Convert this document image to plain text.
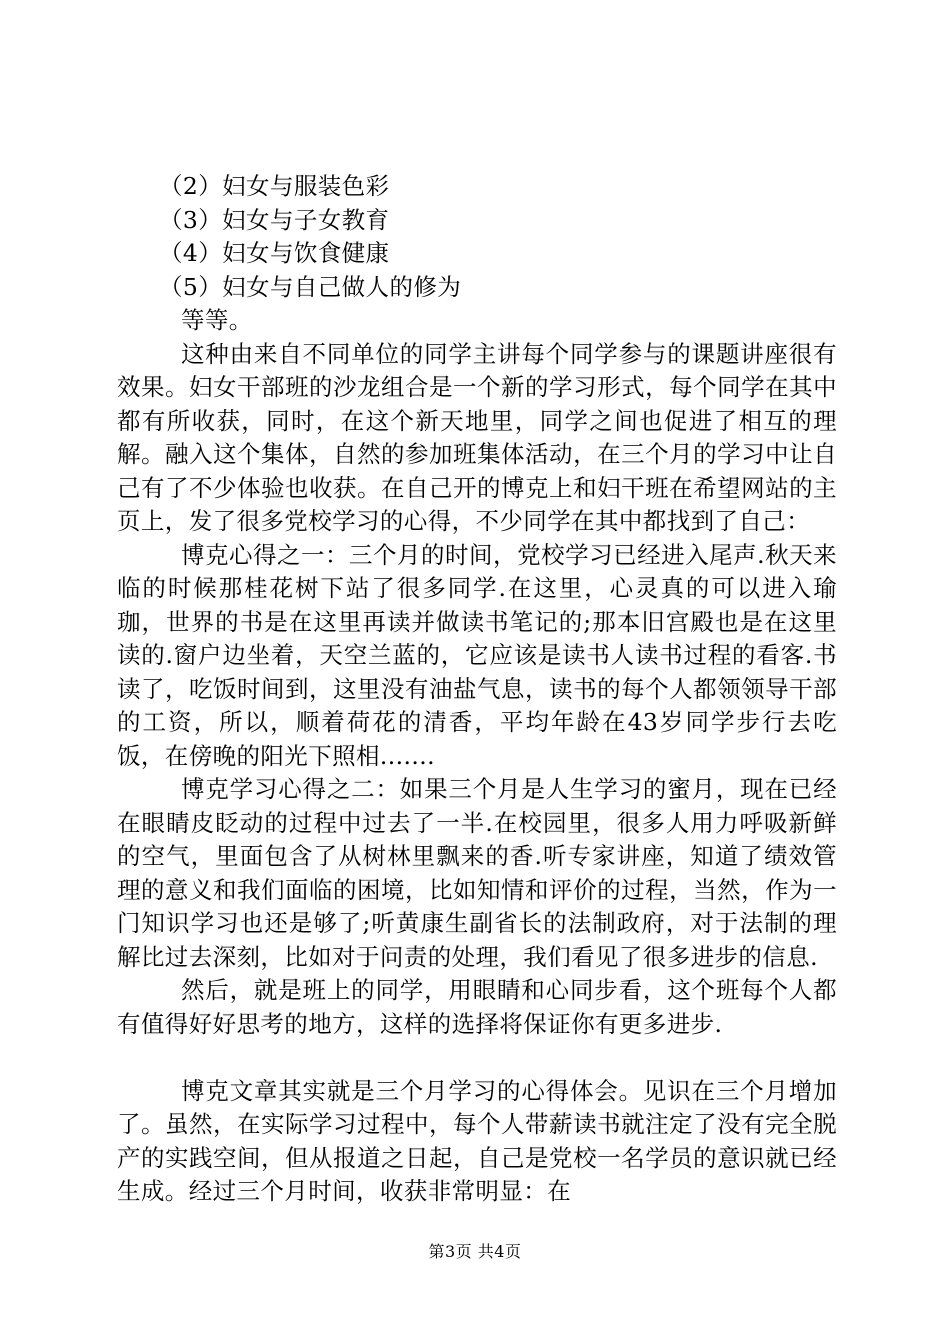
（2）妇女与服装色彩

（3）妇女与子女教育

（4）妇女与饮食健康

（5）妇女与自己做人的修为

等等。

这种由来自不同单位的同学主讲每个同学参与的课题讲座很有效果。妇女干部班的沙龙组合是一个新的学习形式，每个同学在其中都有所收获，同时，在这个新天地里，同学之间也促进了相互的理解。融入这个集体，自然的参加班集体活动，在三个月的学习中让自己有了不少体验也收获。在自己开的博克上和妇干班在希望网站的主页上，发了很多党校学习的心得，不少同学在其中都找到了自己：

博克心得之一：三个月的时间，党校学习已经进入尾声.秋天来临的时候那桂花树下站了很多同学.在这里，心灵真的可以进入瑜珈，世界的书是在这里再读并做读书笔记的;那本旧宫殿也是在这里读的.窗户边坐着，天空兰蓝的，它应该是读书人读书过程的看客.书读了，吃饭时间到，这里没有油盐气息，读书的每个人都领领导干部的工资，所以，顺着荷花的清香，平均年龄在43岁同学步行去吃饭，在傍晚的阳光下照相.......

博克学习心得之二：如果三个月是人生学习的蜜月，现在已经在眼睛皮眨动的过程中过去了一半.在校园里，很多人用力呼吸新鲜的空气，里面包含了从树林里飘来的香.听专家讲座，知道了绩效管理的意义和我们面临的困境，比如知情和评价的过程，当然，作为一门知识学习也还是够了;听黄康生副省长的法制政府，对于法制的理解比过去深刻，比如对于问责的处理，我们看见了很多进步的信息.

然后，就是班上的同学，用眼睛和心同步看，这个班每个人都有值得好好思考的地方，这样的选择将保证你有更多进步.

博克文章其实就是三个月学习的心得体会。见识在三个月增加了。虽然，在实际学习过程中，每个人带薪读书就注定了没有完全脱产的实践空间，但从报道之日起，自己是党校一名学员的意识就已经生成。经过三个月时间，收获非常明显：在

第3页 共4页
